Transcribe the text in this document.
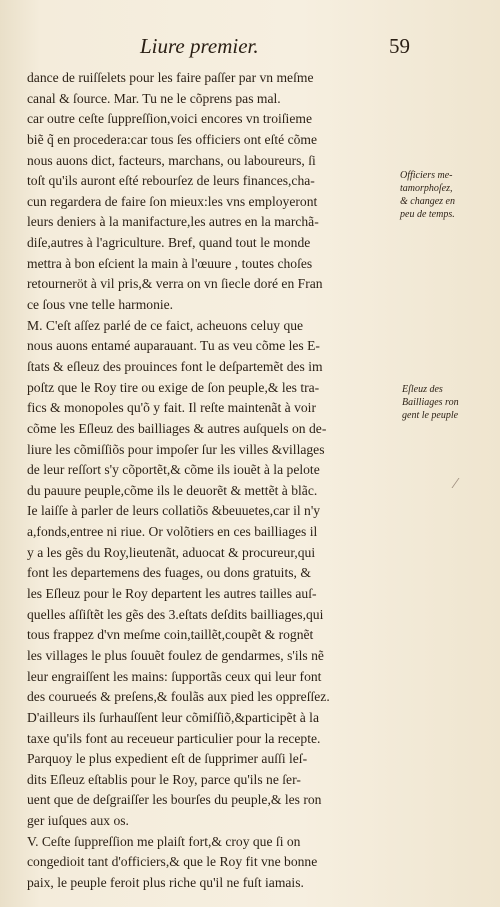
Liure premier.	59
dance de ruiſſelets pour les faire paſſer par vn meſme
canal & ſource. Mar. Tu ne le cõprens pas mal.
car outre ceſte ſuppreſſion,voici encores vn troiſieme
biẽ q̃ en procedera:car tous ſes officiers ont eſté cõme
nous auons dict, facteurs, marchans, ou laboureurs, ſi
toſt qu'ils auront eſté rebourſez de leurs finances,cha-
cun regardera de faire ſon mieux:les vns employeront
leurs deniers à la manifacture,les autres en la marchã-
diſe,autres à l'agriculture. Bref, quand tout le monde
mettra à bon eſcient la main à l'œuure , toutes choſes
retourneröt à vil pris,& verra on vn ſiecle doré en Fran
ce ſous vne telle harmonie.
M. C'eſt aſſez parlé de ce faict, acheuons celuy que
nous auons entamé auparauant. Tu as veu cõme les E-
ſtats & eſleuz des prouinces font le deſpartemẽt des im
poſtz que le Roy tire ou exige de ſon peuple,& les tra-
fics & monopoles qu'õ y fait. Il reſte maintenãt à voir
cõme les Eſleuz des bailliages & autres auſquels on de-
liure les cõmiſſiõs pour impoſer ſur les villes &villages
de leur reſſort s'y cõportẽt,& cõme ils iouẽt à la pelote
du pauure peuple,cõme ils le deuorẽt & mettẽt à blãc.
Ie laiſſe à parler de leurs collatiõs &beuuetes,car il n'y
a,fonds,entree ni riue. Or volõtiers en ces bailliages il
y a les gẽs du Roy,lieutenãt, aduocat & procureur,qui
font les departemens des fuages, ou dons gratuits, &
les Eſleuz pour le Roy departent les autres tailles auſ-
quelles aſſiſtẽt les gẽs des 3.eſtats deſdits bailliages,qui
tous frappez d'vn meſme coin,taillẽt,coupẽt & rognẽt
les villages le plus ſouuẽt foulez de gendarmes, s'ils nẽ
leur engraiſſent les mains: ſupportãs ceux qui leur font
des courueés & preſens,& foulãs aux pied les oppreſſez.
D'ailleurs ils ſurhauſſent leur cõmiſſiõ,&participẽt à la
taxe qu'ils font au receueur particulier pour la recepte.
Parquoy le plus expedient eſt de ſupprimer auſſi leſ-
dits Eſleuz eſtablis pour le Roy, parce qu'ils ne ſer-
uent que de deſgraiſſer les bourſes du peuple,& les ron
ger iuſques aux os.
V. Ceſte ſuppreſſion me plaiſt fort,& croy que ſi on
congedioit tant d'officiers,& que le Roy fit vne bonne
paix, le peuple feroit plus riche qu'il ne fuſt iamais.
Officiers me-
tamorphoſez,
& changez en
peu de temps.
Eſleuz des
Bailliages ron
gent le peuple
